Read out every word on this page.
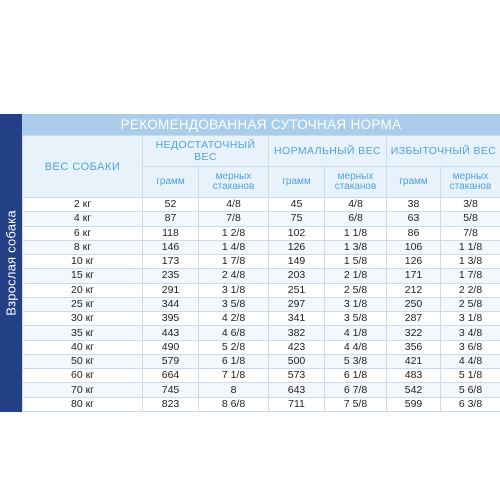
Взрослая собака
РЕКОМЕНДОВАННАЯ СУТОЧНАЯ НОРМА
ВЕС СОБАКИ	НЕДОСТАТОЧНЫЙ ВЕС		НОРМАЛЬНЫЙ ВЕС		ИЗБЫТОЧНЫЙ ВЕС	
	грамм	мерных стаканов	грамм	мерных стаканов	грамм	мерных стаканов
2 кг	52	4/8	45	4/8	38	3/8
4 кг	87	7/8	75	6/8	63	5/8
6 кг	118	1 2/8	102	1 1/8	86	7/8
8 кг	146	1 4/8	126	1 3/8	106	1 1/8
10 кг	173	1 7/8	149	1 5/8	126	1 3/8
15 кг	235	2 4/8	203	2 1/8	171	1 7/8
20 кг	291	3 1/8	251	2 5/8	212	2 2/8
25 кг	344	3 5/8	297	3 1/8	250	2 5/8
30 кг	395	4 2/8	341	3 5/8	287	3 1/8
35 кг	443	4 6/8	382	4 1/8	322	3 4/8
40 кг	490	5 2/8	423	4 4/8	356	3 6/8
50 кг	579	6 1/8	500	5 3/8	421	4 4/8
60 кг	664	7 1/8	573	6 1/8	483	5 1/8
70 кг	745	8	643	6 7/8	542	5 6/8
80 кг	823	8 6/8	711	7 5/8	599	6 3/8
